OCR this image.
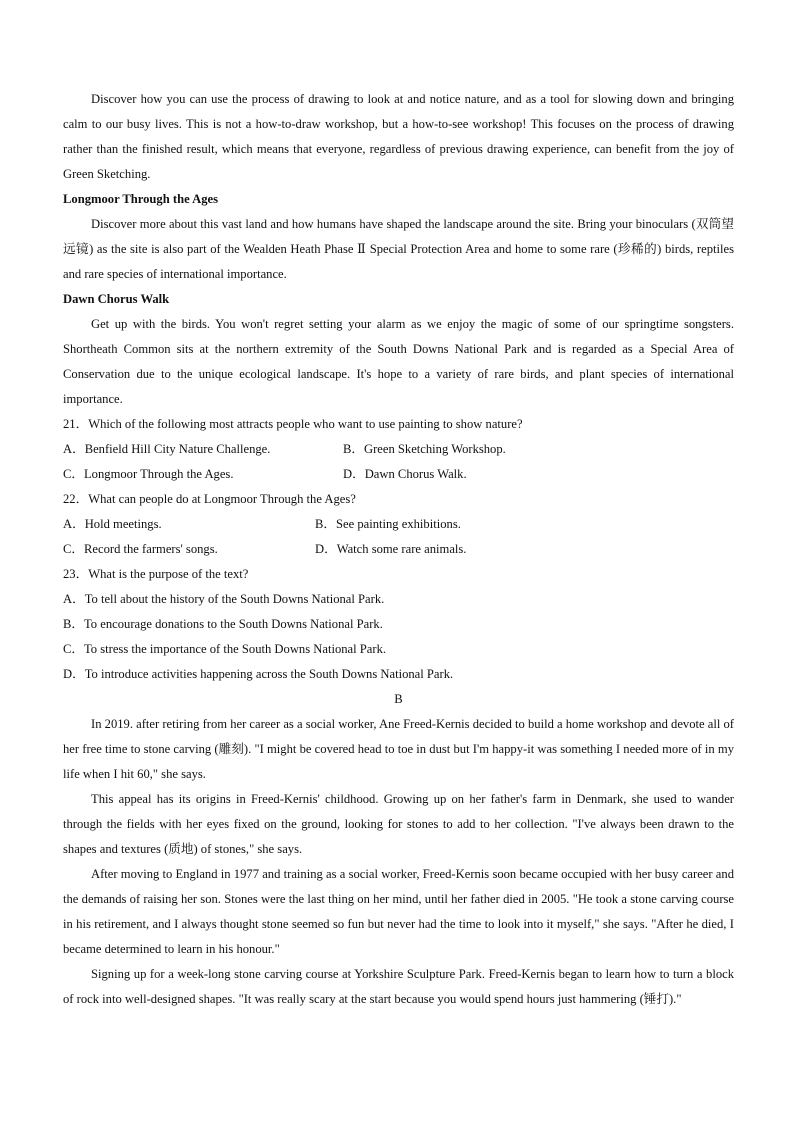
Discover how you can use the process of drawing to look at and notice nature, and as a tool for slowing down and bringing calm to our busy lives. This is not a how-to-draw workshop, but a how-to-see workshop! This focuses on the process of drawing rather than the finished result, which means that everyone, regardless of previous drawing experience, can benefit from the joy of Green Sketching.
Longmoor Through the Ages
Discover more about this vast land and how humans have shaped the landscape around the site. Bring your binoculars (双筒望远镜) as the site is also part of the Wealden Heath Phase Ⅱ Special Protection Area and home to some rare (珍稀的) birds, reptiles and rare species of international importance.
Dawn Chorus Walk
Get up with the birds. You won't regret setting your alarm as we enjoy the magic of some of our springtime songsters. Shortheath Common sits at the northern extremity of the South Downs National Park and is regarded as a Special Area of Conservation due to the unique ecological landscape. It's hope to a variety of rare birds, and plant species of international importance.
21．Which of the following most attracts people who want to use painting to show nature?
A．Benfield Hill City Nature Challenge.	B．Green Sketching Workshop.
C．Longmoor Through the Ages.	D．Dawn Chorus Walk.
22．What can people do at Longmoor Through the Ages?
A．Hold meetings.	B．See painting exhibitions.
C．Record the farmers' songs.	D．Watch some rare animals.
23．What is the purpose of the text?
A．To tell about the history of the South Downs National Park.
B．To encourage donations to the South Downs National Park.
C．To stress the importance of the South Downs National Park.
D．To introduce activities happening across the South Downs National Park.
B
In 2019. after retiring from her career as a social worker, Ane Freed-Kernis decided to build a home workshop and devote all of her free time to stone carving (雕刻). "I might be covered head to toe in dust but I'm happy-it was something I needed more of in my life when I hit 60," she says.
This appeal has its origins in Freed-Kernis' childhood. Growing up on her father's farm in Denmark, she used to wander through the fields with her eyes fixed on the ground, looking for stones to add to her collection. "I've always been drawn to the shapes and textures (质地) of stones," she says.
After moving to England in 1977 and training as a social worker, Freed-Kernis soon became occupied with her busy career and the demands of raising her son. Stones were the last thing on her mind, until her father died in 2005. "He took a stone carving course in his retirement, and I always thought stone seemed so fun but never had the time to look into it myself," she says. "After he died, I became determined to learn in his honour."
Signing up for a week-long stone carving course at Yorkshire Sculpture Park. Freed-Kernis began to learn how to turn a block of rock into well-designed shapes. "It was really scary at the start because you would spend hours just hammering (锤打)."
